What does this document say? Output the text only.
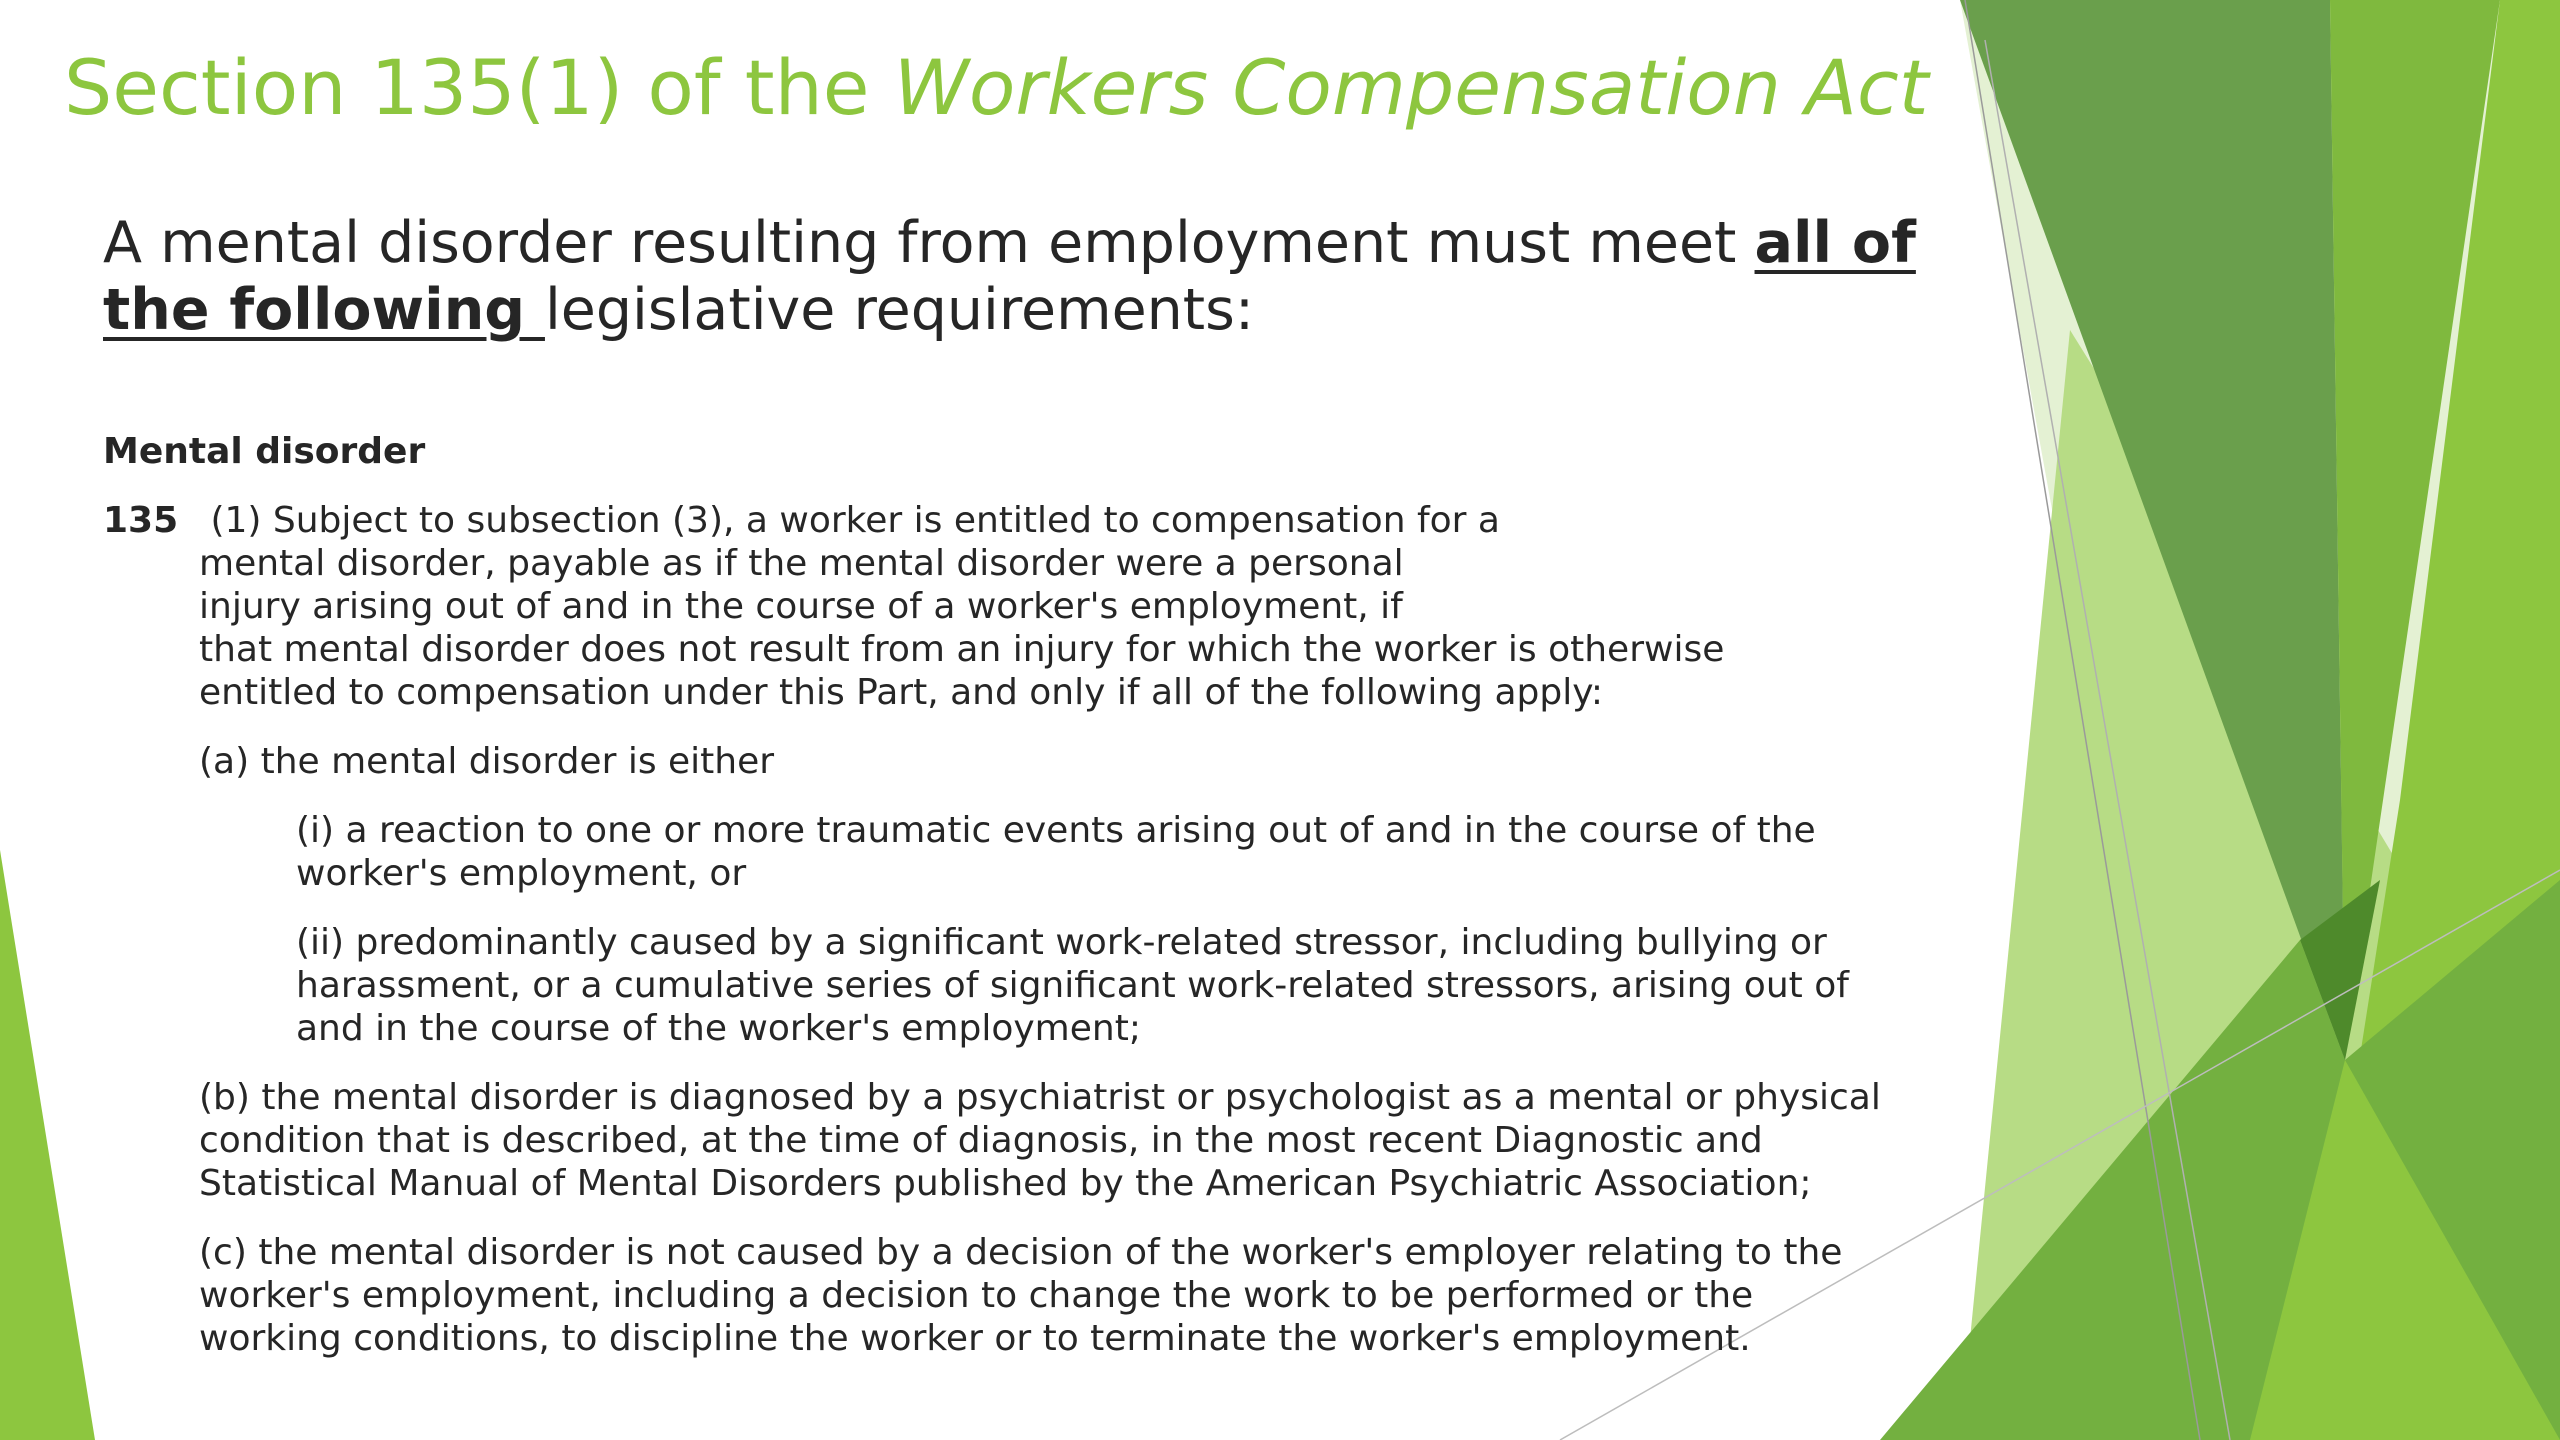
Section 135(1) of the Workers Compensation Act

A mental disorder resulting from employment must meet all of the following legislative requirements:

Mental disorder
135 (1) Subject to subsection (3), a worker is entitled to compensation for a
mental disorder, payable as if the mental disorder were a personal
injury arising out of and in the course of a worker's employment, if
that mental disorder does not result from an injury for which the worker is otherwise
entitled to compensation under this Part, and only if all of the following apply:
(a) the mental disorder is either
(i) a reaction to one or more traumatic events arising out of and in the course of the
worker's employment, or
(ii) predominantly caused by a significant work-related stressor, including bullying or
harassment, or a cumulative series of significant work-related stressors, arising out of
and in the course of the worker's employment;
(b) the mental disorder is diagnosed by a psychiatrist or psychologist as a mental or physical
condition that is described, at the time of diagnosis, in the most recent Diagnostic and
Statistical Manual of Mental Disorders published by the American Psychiatric Association;
(c) the mental disorder is not caused by a decision of the worker's employer relating to the
worker's employment, including a decision to change the work to be performed or the
working conditions, to discipline the worker or to terminate the worker's employment.
